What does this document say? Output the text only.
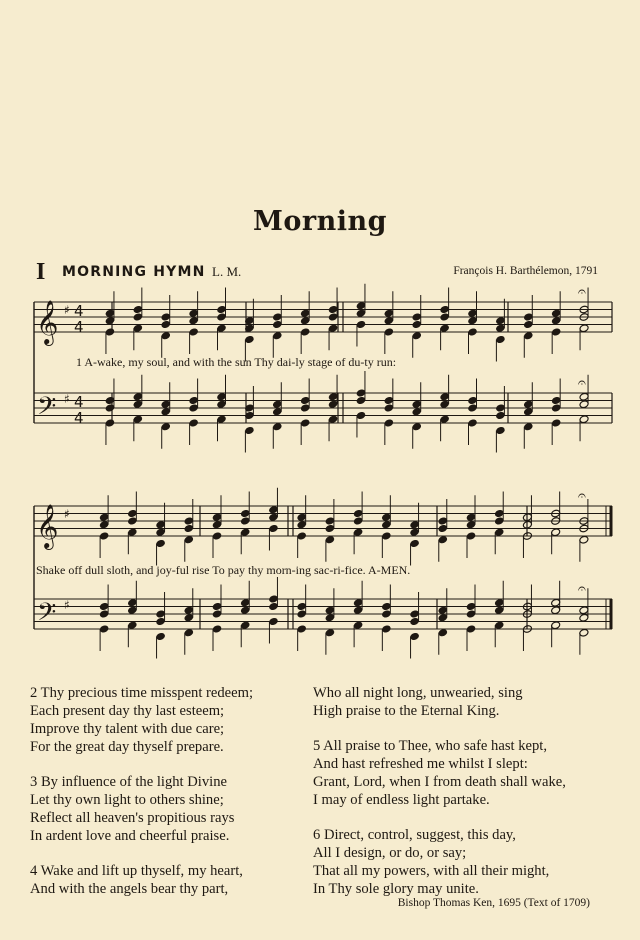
Morning
I MORNING HYMN L. M.	François H. Barthélemon, 1791
𝄞 ♯ 4
4
𝄢 ♯ 4
4
𝄞 ♯
𝄢 ♯
𝄐
𝄐
𝄐
𝄐
1 A-wake, my soul, and with the sun Thy dai-ly stage of du-ty run:
Shake off dull sloth, and joy-ful rise To pay thy morn-ing sac-ri-fice. A-MEN.

2 Thy precious time misspent redeem;

Each present day thy last esteem;

Improve thy talent with due care;

For the great day thyself prepare.

3 By influence of the light Divine

Let thy own light to others shine;

Reflect all heaven's propitious rays

In ardent love and cheerful praise.

4 Wake and lift up thyself, my heart,

And with the angels bear thy part,

Who all night long, unwearied, sing

High praise to the Eternal King.

5 All praise to Thee, who safe hast kept,

And hast refreshed me whilst I slept:

Grant, Lord, when I from death shall wake,

I may of endless light partake.

6 Direct, control, suggest, this day,

All I design, or do, or say;

That all my powers, with all their might,

In Thy sole glory may unite.

Bishop Thomas Ken, 1695 (Text of 1709)
